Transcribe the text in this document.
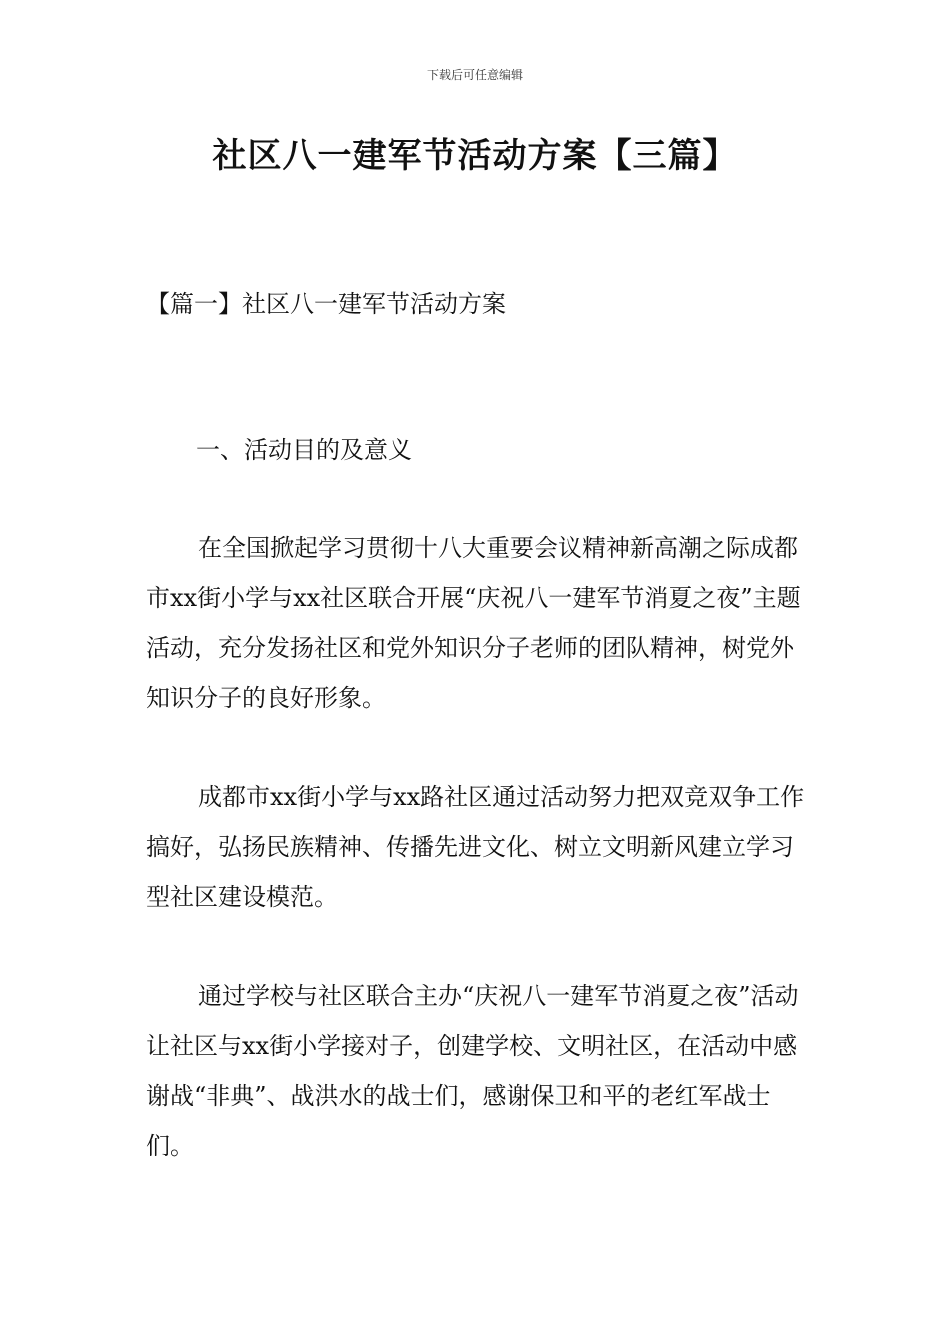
下载后可任意编辑
社区八一建军节活动方案【三篇】
【篇一】社区八一建军节活动方案
一、活动目的及意义

在全国掀起学习贯彻十八大重要会议精神新高潮之际成都市xx街小学与xx社区联合开展“庆祝八一建军节消夏之夜”主题活动，充分发扬社区和党外知识分子老师的团队精神，树党外知识分子的良好形象。

成都市xx街小学与xx路社区通过活动努力把双竞双争工作搞好，弘扬民族精神、传播先进文化、树立文明新风建立学习型社区建设模范。

通过学校与社区联合主办“庆祝八一建军节消夏之夜”活动让社区与xx街小学接对子，创建学校、文明社区，在活动中感谢战“非典”、战洪水的战士们，感谢保卫和平的老红军战士们。
